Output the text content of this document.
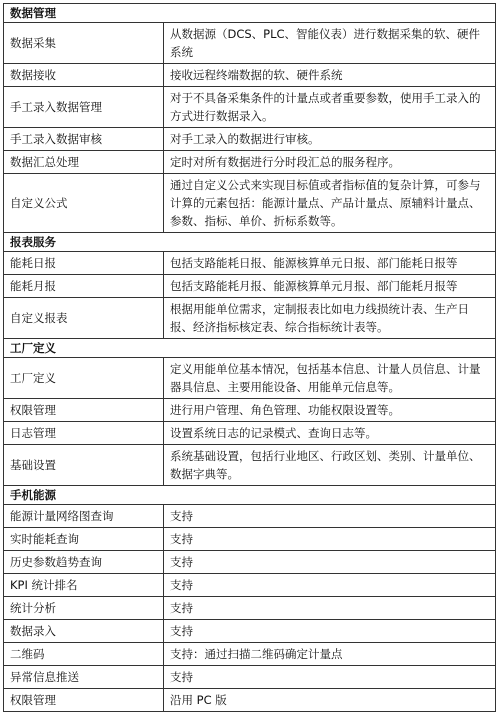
数据管理	
数据采集	从数据源（DCS、PLC、智能仪表）进行数据采集的软、硬件系统
数据接收	接收远程终端数据的软、硬件系统
手工录入数据管理	对于不具备采集条件的计量点或者重要参数，使用手工录入的方式进行数据录入。
手工录入数据审核	对手工录入的数据进行审核。
数据汇总处理	定时对所有数据进行分时段汇总的服务程序。
自定义公式	通过自定义公式来实现目标值或者指标值的复杂计算，可参与计算的元素包括：能源计量点、产品计量点、原辅料计量点、参数、指标、单价、折标系数等。
报表服务	
能耗日报	包括支路能耗日报、能源核算单元日报、部门能耗日报等
能耗月报	包括支路能耗月报、能源核算单元月报、部门能耗月报等
自定义报表	根据用能单位需求，定制报表比如电力线损统计表、生产日报、经济指标核定表、综合指标统计表等。
工厂定义	
工厂定义	定义用能单位基本情况，包括基本信息、计量人员信息、计量器具信息、主要用能设备、用能单元信息等。
权限管理	进行用户管理、角色管理、功能权限设置等。
日志管理	设置系统日志的记录模式、查询日志等。
基础设置	系统基础设置，包括行业地区、行政区划、类别、计量单位、数据字典等。
手机能源	
能源计量网络图查询	支持
实时能耗查询	支持
历史参数趋势查询	支持
KPI 统计排名	支持
统计分析	支持
数据录入	支持
二维码	支持：通过扫描二维码确定计量点
异常信息推送	支持
权限管理	沿用 PC 版
